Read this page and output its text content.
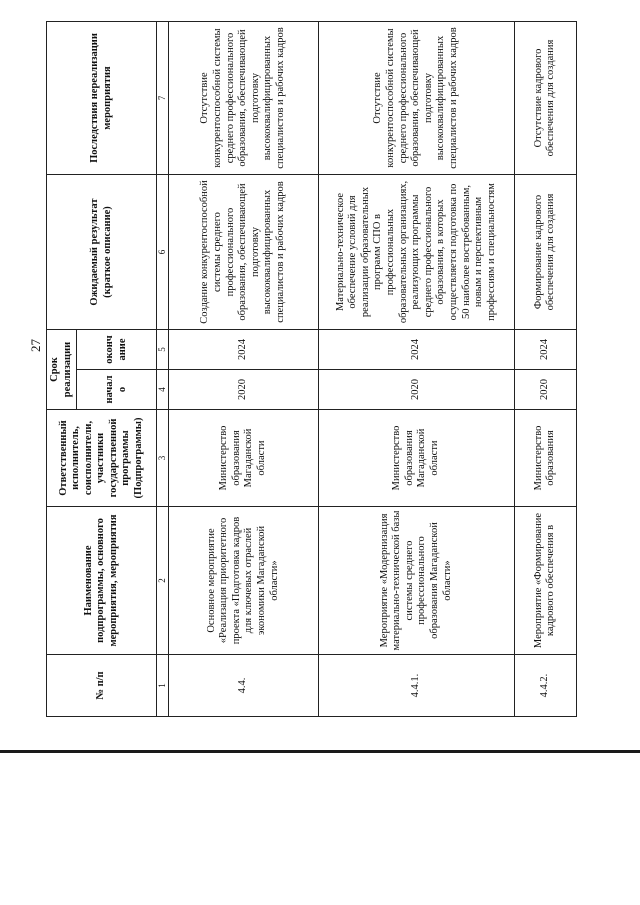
27
№ п/п	Наименование подпрограммы, основного мероприятия, мероприятия	Ответственный исполнитель, соисполнители, участники государственной программы (Подпрограммы)	Срок реализации		Ожидаемый результат (краткое описание)	Последствия нереализации мероприятия
			начало	окончание		
1	2	3	4	5	6	7
4.4.	Основное мероприятие «Реализация приоритетного проекта «Подготовка кадров для ключевых отраслей экономики Магаданской области»	Министерство образования Магаданской области	2020	2024	Создание конкурентоспособной системы среднего профессионального образования, обеспечивающей подготовку высококвалифицированных специалистов и рабочих кадров	Отсутствие конкурентоспособной системы среднего профессионального образования, обеспечивающей подготовку высококвалифицированных специалистов и рабочих кадров
4.4.1.	Мероприятие «Модернизация материально-технической базы системы среднего профессионального образования Магаданской области»	Министерство образования Магаданской области	2020	2024	Материально-техническое обеспечение условий для реализации образовательных программ СПО в профессиональных образовательных организациях, реализующих программы среднего профессионального образования, в которых осуществляется подготовка по 50 наиболее востребованным, новым и перспективным профессиям и специальностям	Отсутствие конкурентоспособной системы среднего профессионального образования, обеспечивающей подготовку высококвалифицированных специалистов и рабочих кадров
4.4.2.	Мероприятие «Формирование кадрового обеспечения в	Министерство образования	2020	2024	Формирование кадрового обеспечения для создания	Отсутствие кадрового обеспечения для создания
